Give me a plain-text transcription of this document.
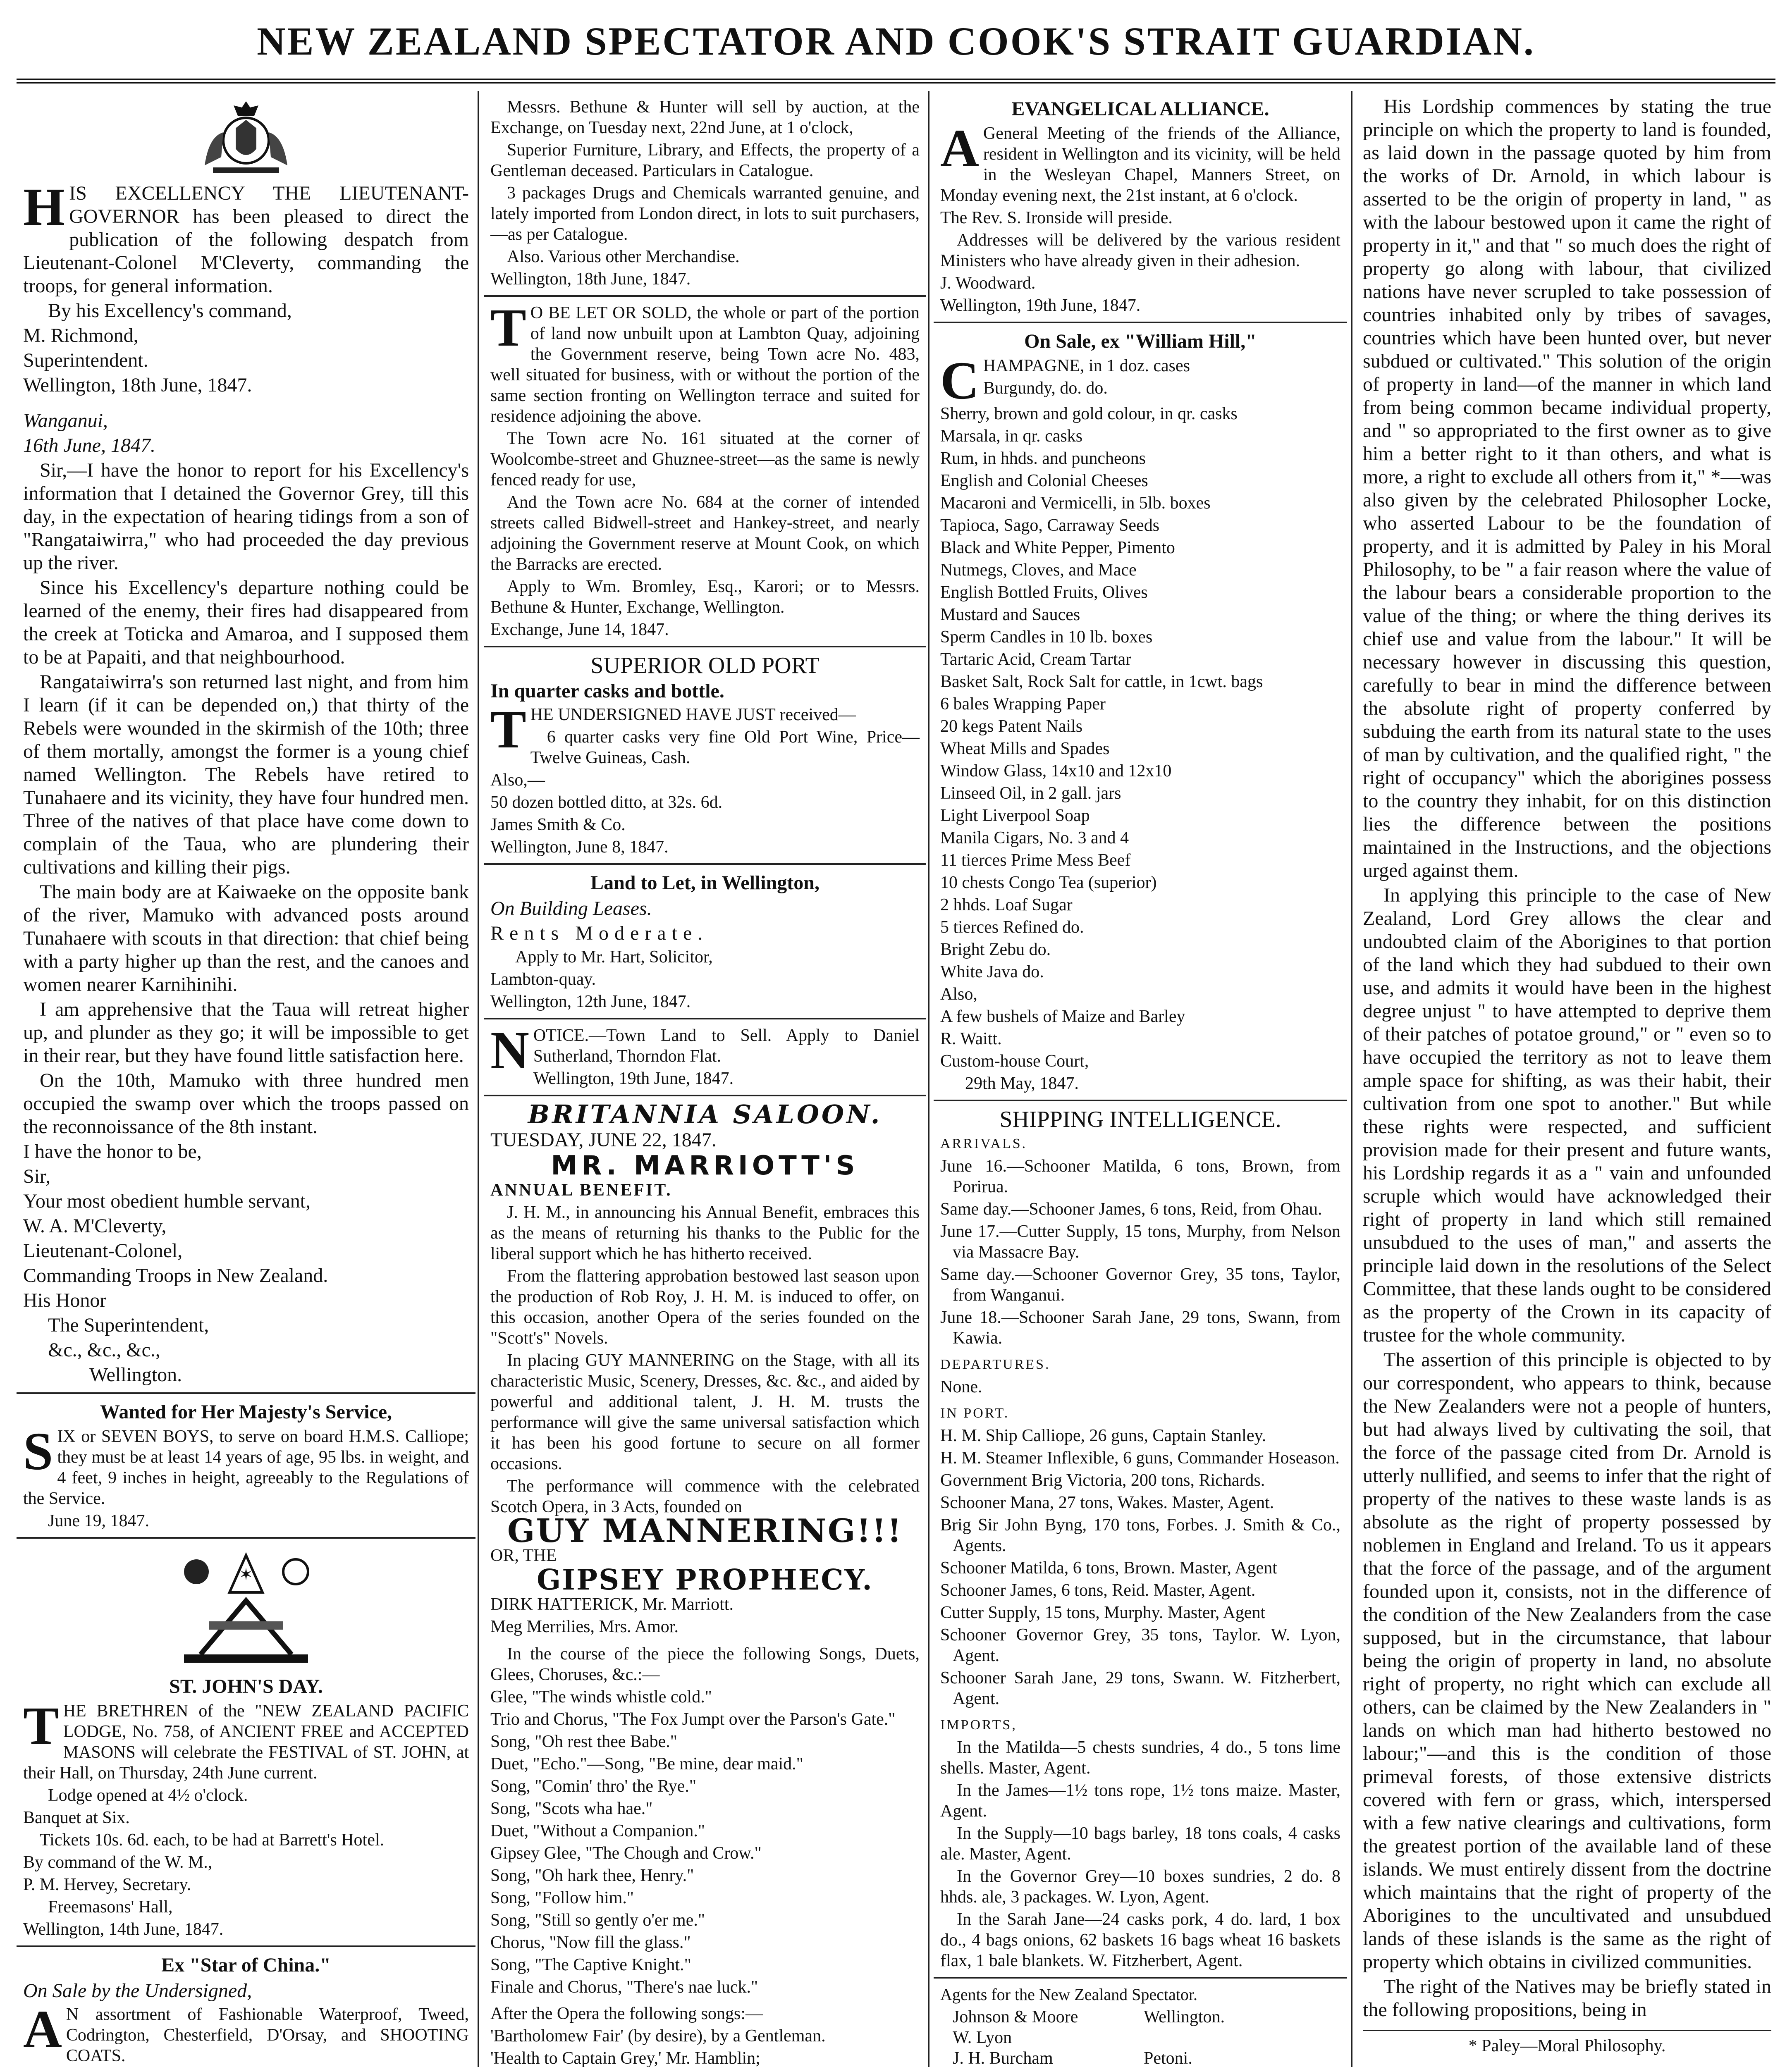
NEW ZEALAND SPECTATOR AND COOK'S STRAIT GUARDIAN.

HIS EXCELLENCY THE LIEUTENANT-GOVERNOR has been pleased to direct the publication of the following despatch from Lieutenant-Colonel M'Cleverty, commanding the troops, for general information.

By his Excellency's command,

M. Richmond,

Superintendent.

Wellington, 18th June, 1847.

Wanganui,

16th June, 1847.

Sir,—I have the honor to report for his Excellency's information that I detained the Governor Grey, till this day, in the expectation of hearing tidings from a son of "Rangataiwirra," who had proceeded the day previous up the river.

Since his Excellency's departure nothing could be learned of the enemy, their fires had disappeared from the creek at Toticka and Amaroa, and I supposed them to be at Papaiti, and that neighbourhood.

Rangataiwirra's son returned last night, and from him I learn (if it can be depended on,) that thirty of the Rebels were wounded in the skirmish of the 10th; three of them mortally, amongst the former is a young chief named Wellington. The Rebels have retired to Tunahaere and its vicinity, they have four hundred men. Three of the natives of that place have come down to complain of the Taua, who are plundering their cultivations and killing their pigs.

The main body are at Kaiwaeke on the opposite bank of the river, Mamuko with advanced posts around Tunahaere with scouts in that direction: that chief being with a party higher up than the rest, and the canoes and women nearer Karnihinihi.

I am apprehensive that the Taua will retreat higher up, and plunder as they go; it will be impossible to get in their rear, but they have found little satisfaction here.

On the 10th, Mamuko with three hundred men occupied the swamp over which the troops passed on the reconnoissance of the 8th instant.

I have the honor to be,

Sir,

Your most obedient humble servant,

W. A. M'Cleverty,

Lieutenant-Colonel,

Commanding Troops in New Zealand.

His Honor

The Superintendent,

&c., &c., &c.,

Wellington.

Wanted for Her Majesty's Service,

SIX or SEVEN BOYS, to serve on board H.M.S. Calliope; they must be at least 14 years of age, 95 lbs. in weight, and 4 feet, 9 inches in height, agreeably to the Regulations of the Service.

June 19, 1847.

✶
ST. JOHN'S DAY.

THE BRETHREN of the "NEW ZEALAND PACIFIC LODGE, No. 758, of ANCIENT FREE and ACCEPTED MASONS will celebrate the FESTIVAL of ST. JOHN, at their Hall, on Thursday, 24th June current.

Lodge opened at 4½ o'clock.

Banquet at Six.

Tickets 10s. 6d. each, to be had at Barrett's Hotel.

By command of the W. M.,

P. M. Hervey, Secretary.

Freemasons' Hall,

Wellington, 14th June, 1847.

Ex "Star of China."

On Sale by the Undersigned,

A N assortment of Fashionable Waterproof, Tweed, Codrington, Chesterfield, D'Orsay, and SHOOTING COATS.

Messrs. Bethune & Hunter will sell by auction, at the Exchange, on Tuesday next, 22nd June, at 1 o'clock,

Superior Furniture, Library, and Effects, the property of a Gentleman deceased. Particulars in Catalogue.

3 packages Drugs and Chemicals warranted genuine, and lately imported from London direct, in lots to suit purchasers,—as per Catalogue.

Also. Various other Merchandise.

Wellington, 18th June, 1847.

T O BE LET OR SOLD, the whole or part of the portion of land now unbuilt upon at Lambton Quay, adjoining the Government reserve, being Town acre No. 483, well situated for business, with or without the portion of the same section fronting on Wellington terrace and suited for residence adjoining the above.

The Town acre No. 161 situated at the corner of Woolcombe-street and Ghuznee-street—as the same is newly fenced ready for use,

And the Town acre No. 684 at the corner of intended streets called Bidwell-street and Hankey-street, and nearly adjoining the Government reserve at Mount Cook, on which the Barracks are erected.

Apply to Wm. Bromley, Esq., Karori; or to Messrs. Bethune & Hunter, Exchange, Wellington.

Exchange, June 14, 1847.

SUPERIOR OLD PORT

In quarter casks and bottle.

THE UNDERSIGNED HAVE JUST received—

6 quarter casks very fine Old Port Wine, Price—Twelve Guineas, Cash.

Also,—

50 dozen bottled ditto, at 32s. 6d.

James Smith & Co.

Wellington, June 8, 1847.

Land to Let, in Wellington,

On Building Leases.

Rents Moderate.

Apply to Mr. Hart, Solicitor,

Lambton-quay.

Wellington, 12th June, 1847.

NOTICE.—Town Land to Sell. Apply to Daniel Sutherland, Thorndon Flat.

Wellington, 19th June, 1847.

BRITANNIA SALOON.

TUESDAY, JUNE 22, 1847.

MR. MARRIOTT'S

ANNUAL BENEFIT.

J. H. M., in announcing his Annual Benefit, embraces this as the means of returning his thanks to the Public for the liberal support which he has hitherto received.

From the flattering approbation bestowed last season upon the production of Rob Roy, J. H. M. is induced to offer, on this occasion, another Opera of the series founded on the "Scott's" Novels.

In placing GUY MANNERING on the Stage, with all its characteristic Music, Scenery, Dresses, &c. &c., and aided by powerful and additional talent, J. H. M. trusts the performance will give the same universal satisfaction which it has been his good fortune to secure on all former occasions.

The performance will commence with the celebrated Scotch Opera, in 3 Acts, founded on

GUY MANNERING!!!

OR, THE

GIPSEY PROPHECY.

DIRK HATTERICK, Mr. Marriott.

Meg Merrilies, Mrs. Amor.

In the course of the piece the following Songs, Duets, Glees, Choruses, &c.:—

Glee, "The winds whistle cold."

Trio and Chorus, "The Fox Jumpt over the Parson's Gate."

Song, "Oh rest thee Babe."

Duet, "Echo."—Song, "Be mine, dear maid."

Song, "Comin' thro' the Rye."

Song, "Scots wha hae."

Duet, "Without a Companion."

Gipsey Glee, "The Chough and Crow."

Song, "Oh hark thee, Henry."

Song, "Follow him."

Song, "Still so gently o'er me."

Chorus, "Now fill the glass."

Song, "The Captive Knight."

Finale and Chorus, "There's nae luck."

After the Opera the following songs:—

'Bartholomew Fair' (by desire), by a Gentleman.

'Health to Captain Grey,' Mr. Hamblin;

EVANGELICAL ALLIANCE.

A General Meeting of the friends of the Alliance, resident in Wellington and its vicinity, will be held in the Wesleyan Chapel, Manners Street, on Monday evening next, the 21st instant, at 6 o'clock.

The Rev. S. Ironside will preside.

Addresses will be delivered by the various resident Ministers who have already given in their adhesion.

J. Woodward.

Wellington, 19th June, 1847.

On Sale, ex "William Hill,"

CHAMPAGNE, in 1 doz. cases

Burgundy, do. do.

Sherry, brown and gold colour, in qr. casks

Marsala, in qr. casks

Rum, in hhds. and puncheons

English and Colonial Cheeses

Macaroni and Vermicelli, in 5lb. boxes

Tapioca, Sago, Carraway Seeds

Black and White Pepper, Pimento

Nutmegs, Cloves, and Mace

English Bottled Fruits, Olives

Mustard and Sauces

Sperm Candles in 10 lb. boxes

Tartaric Acid, Cream Tartar

Basket Salt, Rock Salt for cattle, in 1cwt. bags

6 bales Wrapping Paper

20 kegs Patent Nails

Wheat Mills and Spades

Window Glass, 14x10 and 12x10

Linseed Oil, in 2 gall. jars

Light Liverpool Soap

Manila Cigars, No. 3 and 4

11 tierces Prime Mess Beef

10 chests Congo Tea (superior)

2 hhds. Loaf Sugar

5 tierces Refined do.

Bright Zebu do.

White Java do.

Also,

A few bushels of Maize and Barley

R. Waitt.

Custom-house Court,

29th May, 1847.

SHIPPING INTELLIGENCE.

ARRIVALS.

June 16.—Schooner Matilda, 6 tons, Brown, from Porirua.

Same day.—Schooner James, 6 tons, Reid, from Ohau.

June 17.—Cutter Supply, 15 tons, Murphy, from Nelson via Massacre Bay.

Same day.—Schooner Governor Grey, 35 tons, Taylor, from Wanganui.

June 18.—Schooner Sarah Jane, 29 tons, Swann, from Kawia.

DEPARTURES.

None.

IN PORT.

H. M. Ship Calliope, 26 guns, Captain Stanley.

H. M. Steamer Inflexible, 6 guns, Commander Hoseason.

Government Brig Victoria, 200 tons, Richards.

Schooner Mana, 27 tons, Wakes. Master, Agent.

Brig Sir John Byng, 170 tons, Forbes. J. Smith & Co., Agents.

Schooner Matilda, 6 tons, Brown. Master, Agent

Schooner James, 6 tons, Reid. Master, Agent.

Cutter Supply, 15 tons, Murphy. Master, Agent

Schooner Governor Grey, 35 tons, Taylor. W. Lyon, Agent.

Schooner Sarah Jane, 29 tons, Swann. W. Fitzherbert, Agent.

IMPORTS,

In the Matilda—5 chests sundries, 4 do., 5 tons lime shells. Master, Agent.

In the James—1½ tons rope, 1½ tons maize. Master, Agent.

In the Supply—10 bags barley, 18 tons coals, 4 casks ale. Master, Agent.

In the Governor Grey—10 boxes sundries, 2 do. 8 hhds. ale, 3 packages. W. Lyon, Agent.

In the Sarah Jane—24 casks pork, 4 do. lard, 1 box do., 4 bags onions, 62 baskets 16 bags wheat 16 baskets flax, 1 bale blankets. W. Fitzherbert, Agent.

Agents for the New Zealand Spectator.

Johnson & Moore	Wellington.
W. Lyon
J. H. Burcham	Petoni.

His Lordship commences by stating the true principle on which the property to land is founded, as laid down in the passage quoted by him from the works of Dr. Arnold, in which labour is asserted to be the origin of property in land, " as with the labour bestowed upon it came the right of property in it," and that " so much does the right of property go along with labour, that civilized nations have never scrupled to take possession of countries inhabited only by tribes of savages, countries which have been hunted over, but never subdued or cultivated." This solution of the origin of property in land—of the manner in which land from being common became individual property, and " so appropriated to the first owner as to give him a better right to it than others, and what is more, a right to exclude all others from it," *—was also given by the celebrated Philosopher Locke, who asserted Labour to be the foundation of property, and it is admitted by Paley in his Moral Philosophy, to be " a fair reason where the value of the labour bears a considerable proportion to the value of the thing; or where the thing derives its chief use and value from the labour." It will be necessary however in discussing this question, carefully to bear in mind the difference between the absolute right of property conferred by subduing the earth from its natural state to the uses of man by cultivation, and the qualified right, " the right of occupancy" which the aborigines possess to the country they inhabit, for on this distinction lies the difference between the positions maintained in the Instructions, and the objections urged against them.

In applying this principle to the case of New Zealand, Lord Grey allows the clear and undoubted claim of the Aborigines to that portion of the land which they had subdued to their own use, and admits it would have been in the highest degree unjust " to have attempted to deprive them of their patches of potatoe ground," or " even so to have occupied the territory as not to leave them ample space for shifting, as was their habit, their cultivation from one spot to another." But while these rights were respected, and sufficient provision made for their present and future wants, his Lordship regards it as a " vain and unfounded scruple which would have acknowledged their right of property in land which still remained unsubdued to the uses of man," and asserts the principle laid down in the resolutions of the Select Committee, that these lands ought to be considered as the property of the Crown in its capacity of trustee for the whole community.

The assertion of this principle is objected to by our correspondent, who appears to think, because the New Zealanders were not a people of hunters, but had always lived by cultivating the soil, that the force of the passage cited from Dr. Arnold is utterly nullified, and seems to infer that the right of property of the natives to these waste lands is as absolute as the right of property possessed by noblemen in England and Ireland. To us it appears that the force of the passage, and of the argument founded upon it, consists, not in the difference of the condition of the New Zealanders from the case supposed, but in the circumstance, that labour being the origin of property in land, no absolute right of property, no right which can exclude all others, can be claimed by the New Zealanders in " lands on which man had hitherto bestowed no labour;"—and this is the condition of those primeval forests, of those extensive districts covered with fern or grass, which, interspersed with a few native clearings and cultivations, form the greatest portion of the available land of these islands. We must entirely dissent from the doctrine which maintains that the right of property of the Aborigines to the uncultivated and unsubdued lands of these islands is the same as the right of property which obtains in civilized communities.

The right of the Natives may be briefly stated in the following propositions, being in

* Paley—Moral Philosophy.
